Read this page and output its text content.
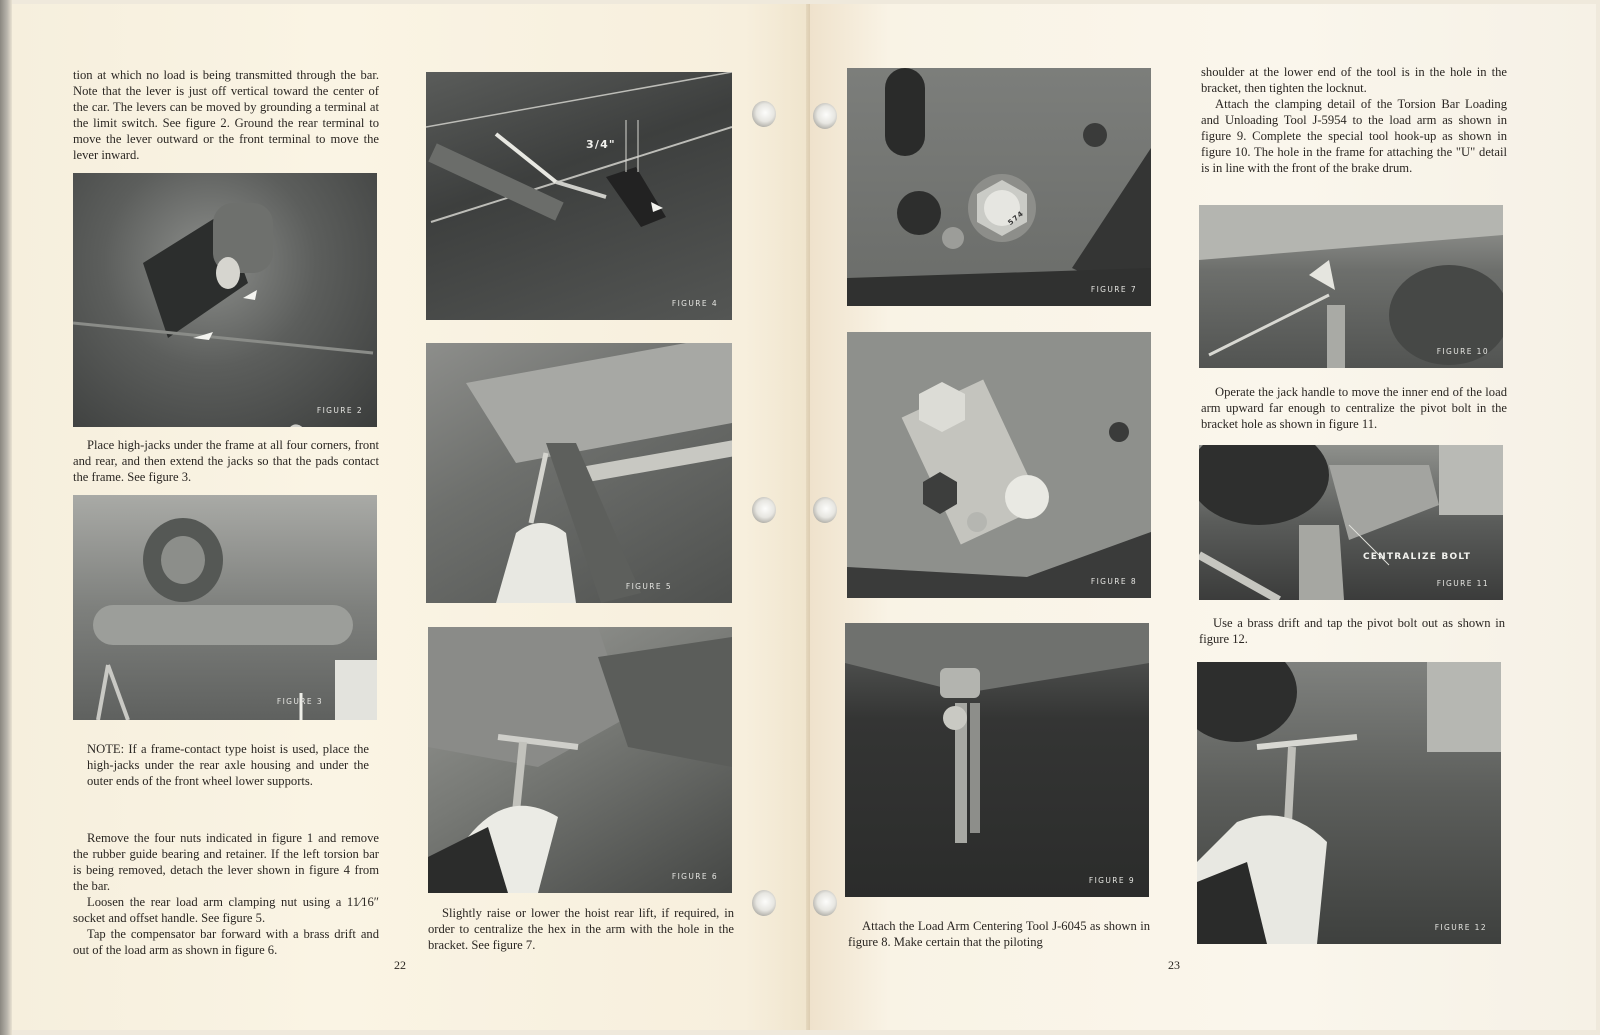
tion at which no load is being transmitted through the bar. Note that the lever is just off vertical toward the center of the car. The levers can be moved by grounding a terminal at the limit switch. See figure 2. Ground the rear terminal to move the lever outward or the front terminal to move the lever inward.

FIGURE 2

Place high-jacks under the frame at all four corners, front and rear, and then extend the jacks so that the pads contact the frame. See figure 3.

FIGURE 3

NOTE: If a frame-contact type hoist is used, place the high-jacks under the rear axle housing and under the outer ends of the front wheel lower supports.

Remove the four nuts indicated in figure 1 and remove the rubber guide bearing and retainer. If the left torsion bar is being removed, detach the lever shown in figure 4 from the bar.

Loosen the rear load arm clamping nut using a 11⁄16″ socket and offset handle. See figure 5.

Tap the compensator bar forward with a brass drift and out of the load arm as shown in figure 6.

22
3/4"
FIGURE 4
FIGURE 5
FIGURE 6

Slightly raise or lower the hoist rear lift, if required, in order to centralize the hex in the arm with the hole in the bracket. See figure 7.

574
FIGURE 7
FIGURE 8
FIGURE 9

Attach the Load Arm Centering Tool J-6045 as shown in figure 8. Make certain that the piloting

shoulder at the lower end of the tool is in the hole in the bracket, then tighten the locknut.

Attach the clamping detail of the Torsion Bar Loading and Unloading Tool J-5954 to the load arm as shown in figure 9. Complete the special tool hook-up as shown in figure 10. The hole in the frame for attaching the "U" detail is in line with the front of the brake drum.

FIGURE 10

Operate the jack handle to move the inner end of the load arm upward far enough to centralize the pivot bolt in the bracket hole as shown in figure 11.

CENTRALIZE BOLT
FIGURE 11

Use a brass drift and tap the pivot bolt out as shown in figure 12.

FIGURE 12
23
